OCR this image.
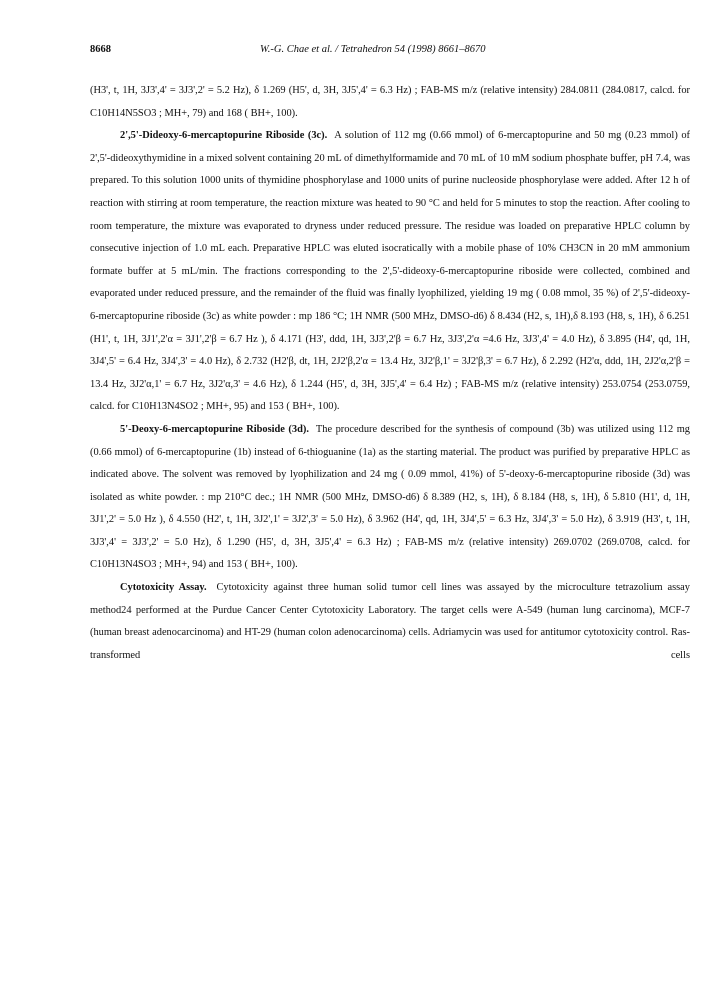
8668	W.-G. Chae et al. / Tetrahedron 54 (1998) 8661–8670

(H3', t, 1H, 3J3',4' = 3J3',2' = 5.2 Hz), δ 1.269 (H5', d, 3H, 3J5',4' = 6.3 Hz) ; FAB-MS m/z (relative intensity) 284.0811 (284.0817, calcd. for C10H14N5SO3 ; MH+, 79) and 168 ( BH+, 100).

2',5'-Dideoxy-6-mercaptopurine Riboside (3c). A solution of 112 mg (0.66 mmol) of 6-mercaptopurine and 50 mg (0.23 mmol) of 2',5'-dideoxythymidine in a mixed solvent containing 20 mL of dimethylformamide and 70 mL of 10 mM sodium phosphate buffer, pH 7.4, was prepared. To this solution 1000 units of thymidine phosphorylase and 1000 units of purine nucleoside phosphorylase were added. After 12 h of reaction with stirring at room temperature, the reaction mixture was heated to 90 °C and held for 5 minutes to stop the reaction. After cooling to room temperature, the mixture was evaporated to dryness under reduced pressure. The residue was loaded on preparative HPLC column by consecutive injection of 1.0 mL each. Preparative HPLC was eluted isocratically with a mobile phase of 10% CH3CN in 20 mM ammonium formate buffer at 5 mL/min. The fractions corresponding to the 2',5'-dideoxy-6-mercaptopurine riboside were collected, combined and evaporated under reduced pressure, and the remainder of the fluid was finally lyophilized, yielding 19 mg ( 0.08 mmol, 35 %) of 2',5'-dideoxy-6-mercaptopurine riboside (3c) as white powder : mp 186 °C; 1H NMR (500 MHz, DMSO-d6) δ 8.434 (H2, s, 1H),δ 8.193 (H8, s, 1H), δ 6.251 (H1', t, 1H, 3J1',2'α = 3J1',2'β = 6.7 Hz ), δ 4.171 (H3', ddd, 1H, 3J3',2'β = 6.7 Hz, 3J3',2'α =4.6 Hz, 3J3',4' = 4.0 Hz), δ 3.895 (H4', qd, 1H, 3J4',5' = 6.4 Hz, 3J4',3' = 4.0 Hz), δ 2.732 (H2'β, dt, 1H, 2J2'β,2'α = 13.4 Hz, 3J2'β,1' = 3J2'β,3' = 6.7 Hz), δ 2.292 (H2'α, ddd, 1H, 2J2'α,2'β = 13.4 Hz, 3J2'α,1' = 6.7 Hz, 3J2'α,3' = 4.6 Hz), δ 1.244 (H5', d, 3H, 3J5',4' = 6.4 Hz) ; FAB-MS m/z (relative intensity) 253.0754 (253.0759, calcd. for C10H13N4SO2 ; MH+, 95) and 153 ( BH+, 100).

5'-Deoxy-6-mercaptopurine Riboside (3d). The procedure described for the synthesis of compound (3b) was utilized using 112 mg (0.66 mmol) of 6-mercaptopurine (1b) instead of 6-thioguanine (1a) as the starting material. The product was purified by preparative HPLC as indicated above. The solvent was removed by lyophilization and 24 mg ( 0.09 mmol, 41%) of 5'-deoxy-6-mercaptopurine riboside (3d) was isolated as white powder. : mp 210°C dec.; 1H NMR (500 MHz, DMSO-d6) δ 8.389 (H2, s, 1H), δ 8.184 (H8, s, 1H), δ 5.810 (H1', d, 1H, 3J1',2' = 5.0 Hz ), δ 4.550 (H2', t, 1H, 3J2',1' = 3J2',3' = 5.0 Hz), δ 3.962 (H4', qd, 1H, 3J4',5' = 6.3 Hz, 3J4',3' = 5.0 Hz), δ 3.919 (H3', t, 1H, 3J3',4' = 3J3',2' = 5.0 Hz), δ 1.290 (H5', d, 3H, 3J5',4' = 6.3 Hz) ; FAB-MS m/z (relative intensity) 269.0702 (269.0708, calcd. for C10H13N4SO3 ; MH+, 94) and 153 ( BH+, 100).

Cytotoxicity Assay. Cytotoxicity against three human solid tumor cell lines was assayed by the microculture tetrazolium assay method24 performed at the Purdue Cancer Center Cytotoxicity Laboratory. The target cells were A-549 (human lung carcinoma), MCF-7 (human breast adenocarcinoma) and HT-29 (human colon adenocarcinoma) cells. Adriamycin was used for antitumor cytotoxicity control. Ras-transformed cells
